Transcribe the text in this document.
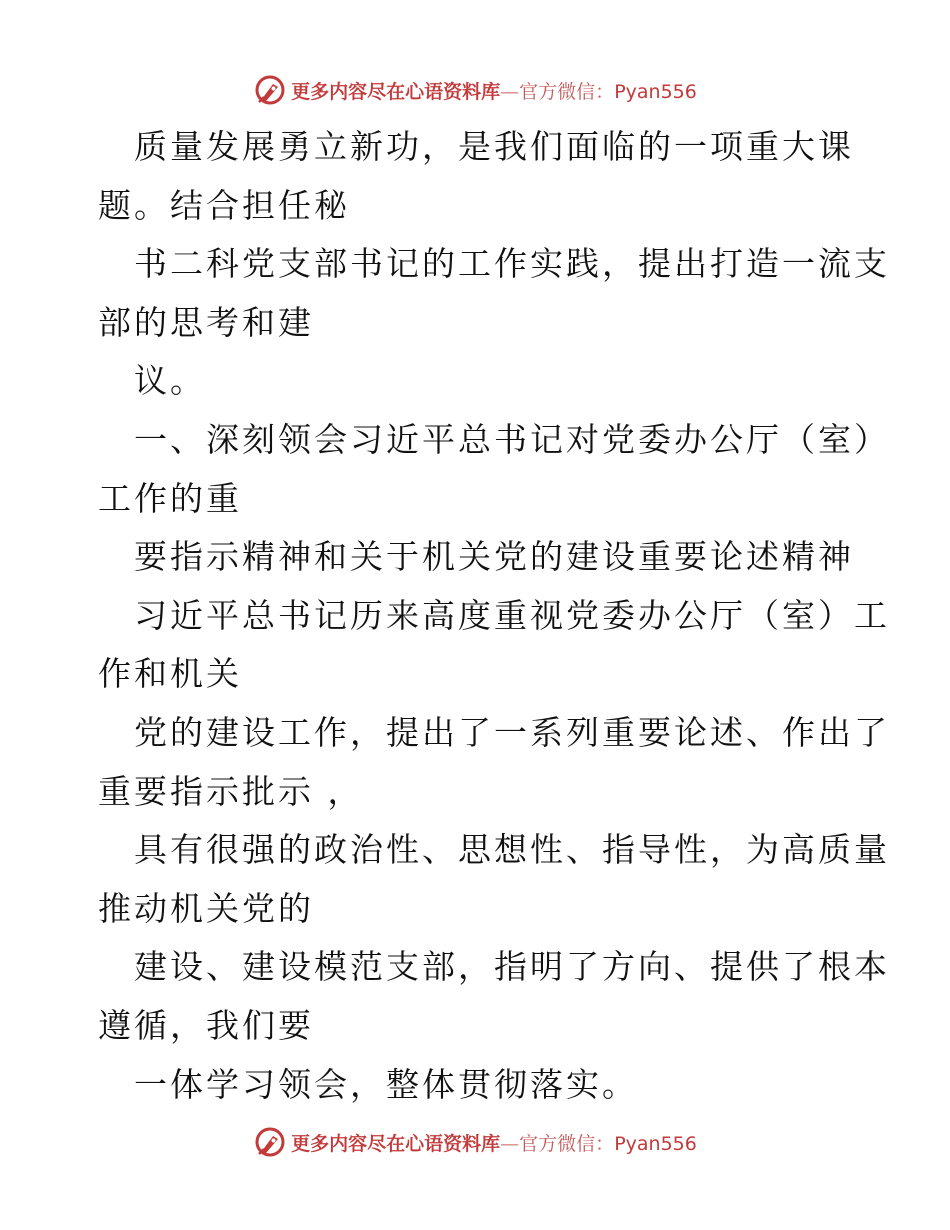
更多内容尽在心语资料库—官方微信：Pyan556
质量发展勇立新功，是我们面临的一项重大课
题。结合担任秘
书二科党支部书记的工作实践，提出打造一流支
部的思考和建
议。
一、深刻领会习近平总书记对党委办公厅（室）
工作的重
要指示精神和关于机关党的建设重要论述精神
习近平总书记历来高度重视党委办公厅（室）工
作和机关
党的建设工作，提出了一系列重要论述、作出了
重要指示批示 ，
具有很强的政治性、思想性、指导性，为高质量
推动机关党的
建设、建设模范支部，指明了方向、提供了根本
遵循，我们要
一体学习领会，整体贯彻落实。
更多内容尽在心语资料库—官方微信：Pyan556
